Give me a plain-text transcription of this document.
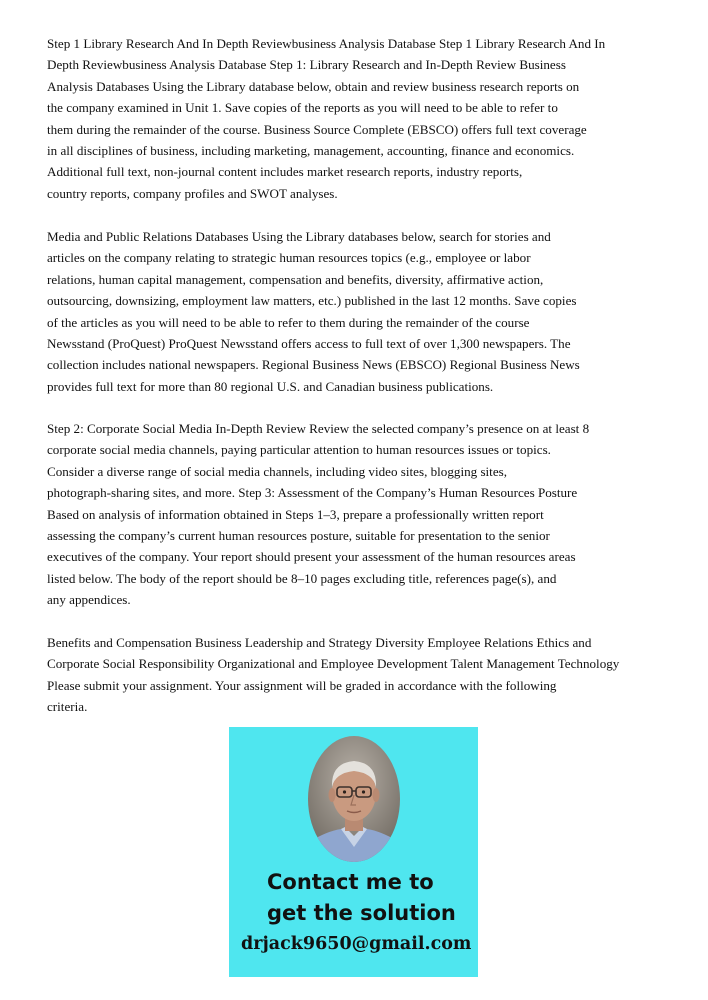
Step 1 Library Research And In Depth Reviewbusiness Analysis Database Step 1 Library Research And In
Depth Reviewbusiness Analysis Database Step 1: Library Research and In-Depth Review Business
Analysis Databases Using the Library database below, obtain and review business research reports on
the company examined in Unit 1. Save copies of the reports as you will need to be able to refer to
them during the remainder of the course. Business Source Complete (EBSCO) offers full text coverage
in all disciplines of business, including marketing, management, accounting, finance and economics.
Additional full text, non-journal content includes market research reports, industry reports,
country reports, company profiles and SWOT analyses.
Media and Public Relations Databases Using the Library databases below, search for stories and
articles on the company relating to strategic human resources topics (e.g., employee or labor
relations, human capital management, compensation and benefits, diversity, affirmative action,
outsourcing, downsizing, employment law matters, etc.) published in the last 12 months. Save copies
of the articles as you will need to be able to refer to them during the remainder of the course
Newsstand (ProQuest) ProQuest Newsstand offers access to full text of over 1,300 newspapers. The
collection includes national newspapers. Regional Business News (EBSCO) Regional Business News
provides full text for more than 80 regional U.S. and Canadian business publications.
Step 2: Corporate Social Media In-Depth Review Review the selected company’s presence on at least 8
corporate social media channels, paying particular attention to human resources issues or topics.
Consider a diverse range of social media channels, including video sites, blogging sites,
photograph-sharing sites, and more. Step 3: Assessment of the Company’s Human Resources Posture
Based on analysis of information obtained in Steps 1–3, prepare a professionally written report
assessing the company’s current human resources posture, suitable for presentation to the senior
executives of the company. Your report should present your assessment of the human resources areas
listed below. The body of the report should be 8–10 pages excluding title, references page(s), and
any appendices.
Benefits and Compensation Business Leadership and Strategy Diversity Employee Relations Ethics and
Corporate Social Responsibility Organizational and Employee Development Talent Management Technology
Please submit your assignment. Your assignment will be graded in accordance with the following
criteria.
Contact me to
get the solution
drjack9650@gmail.com
